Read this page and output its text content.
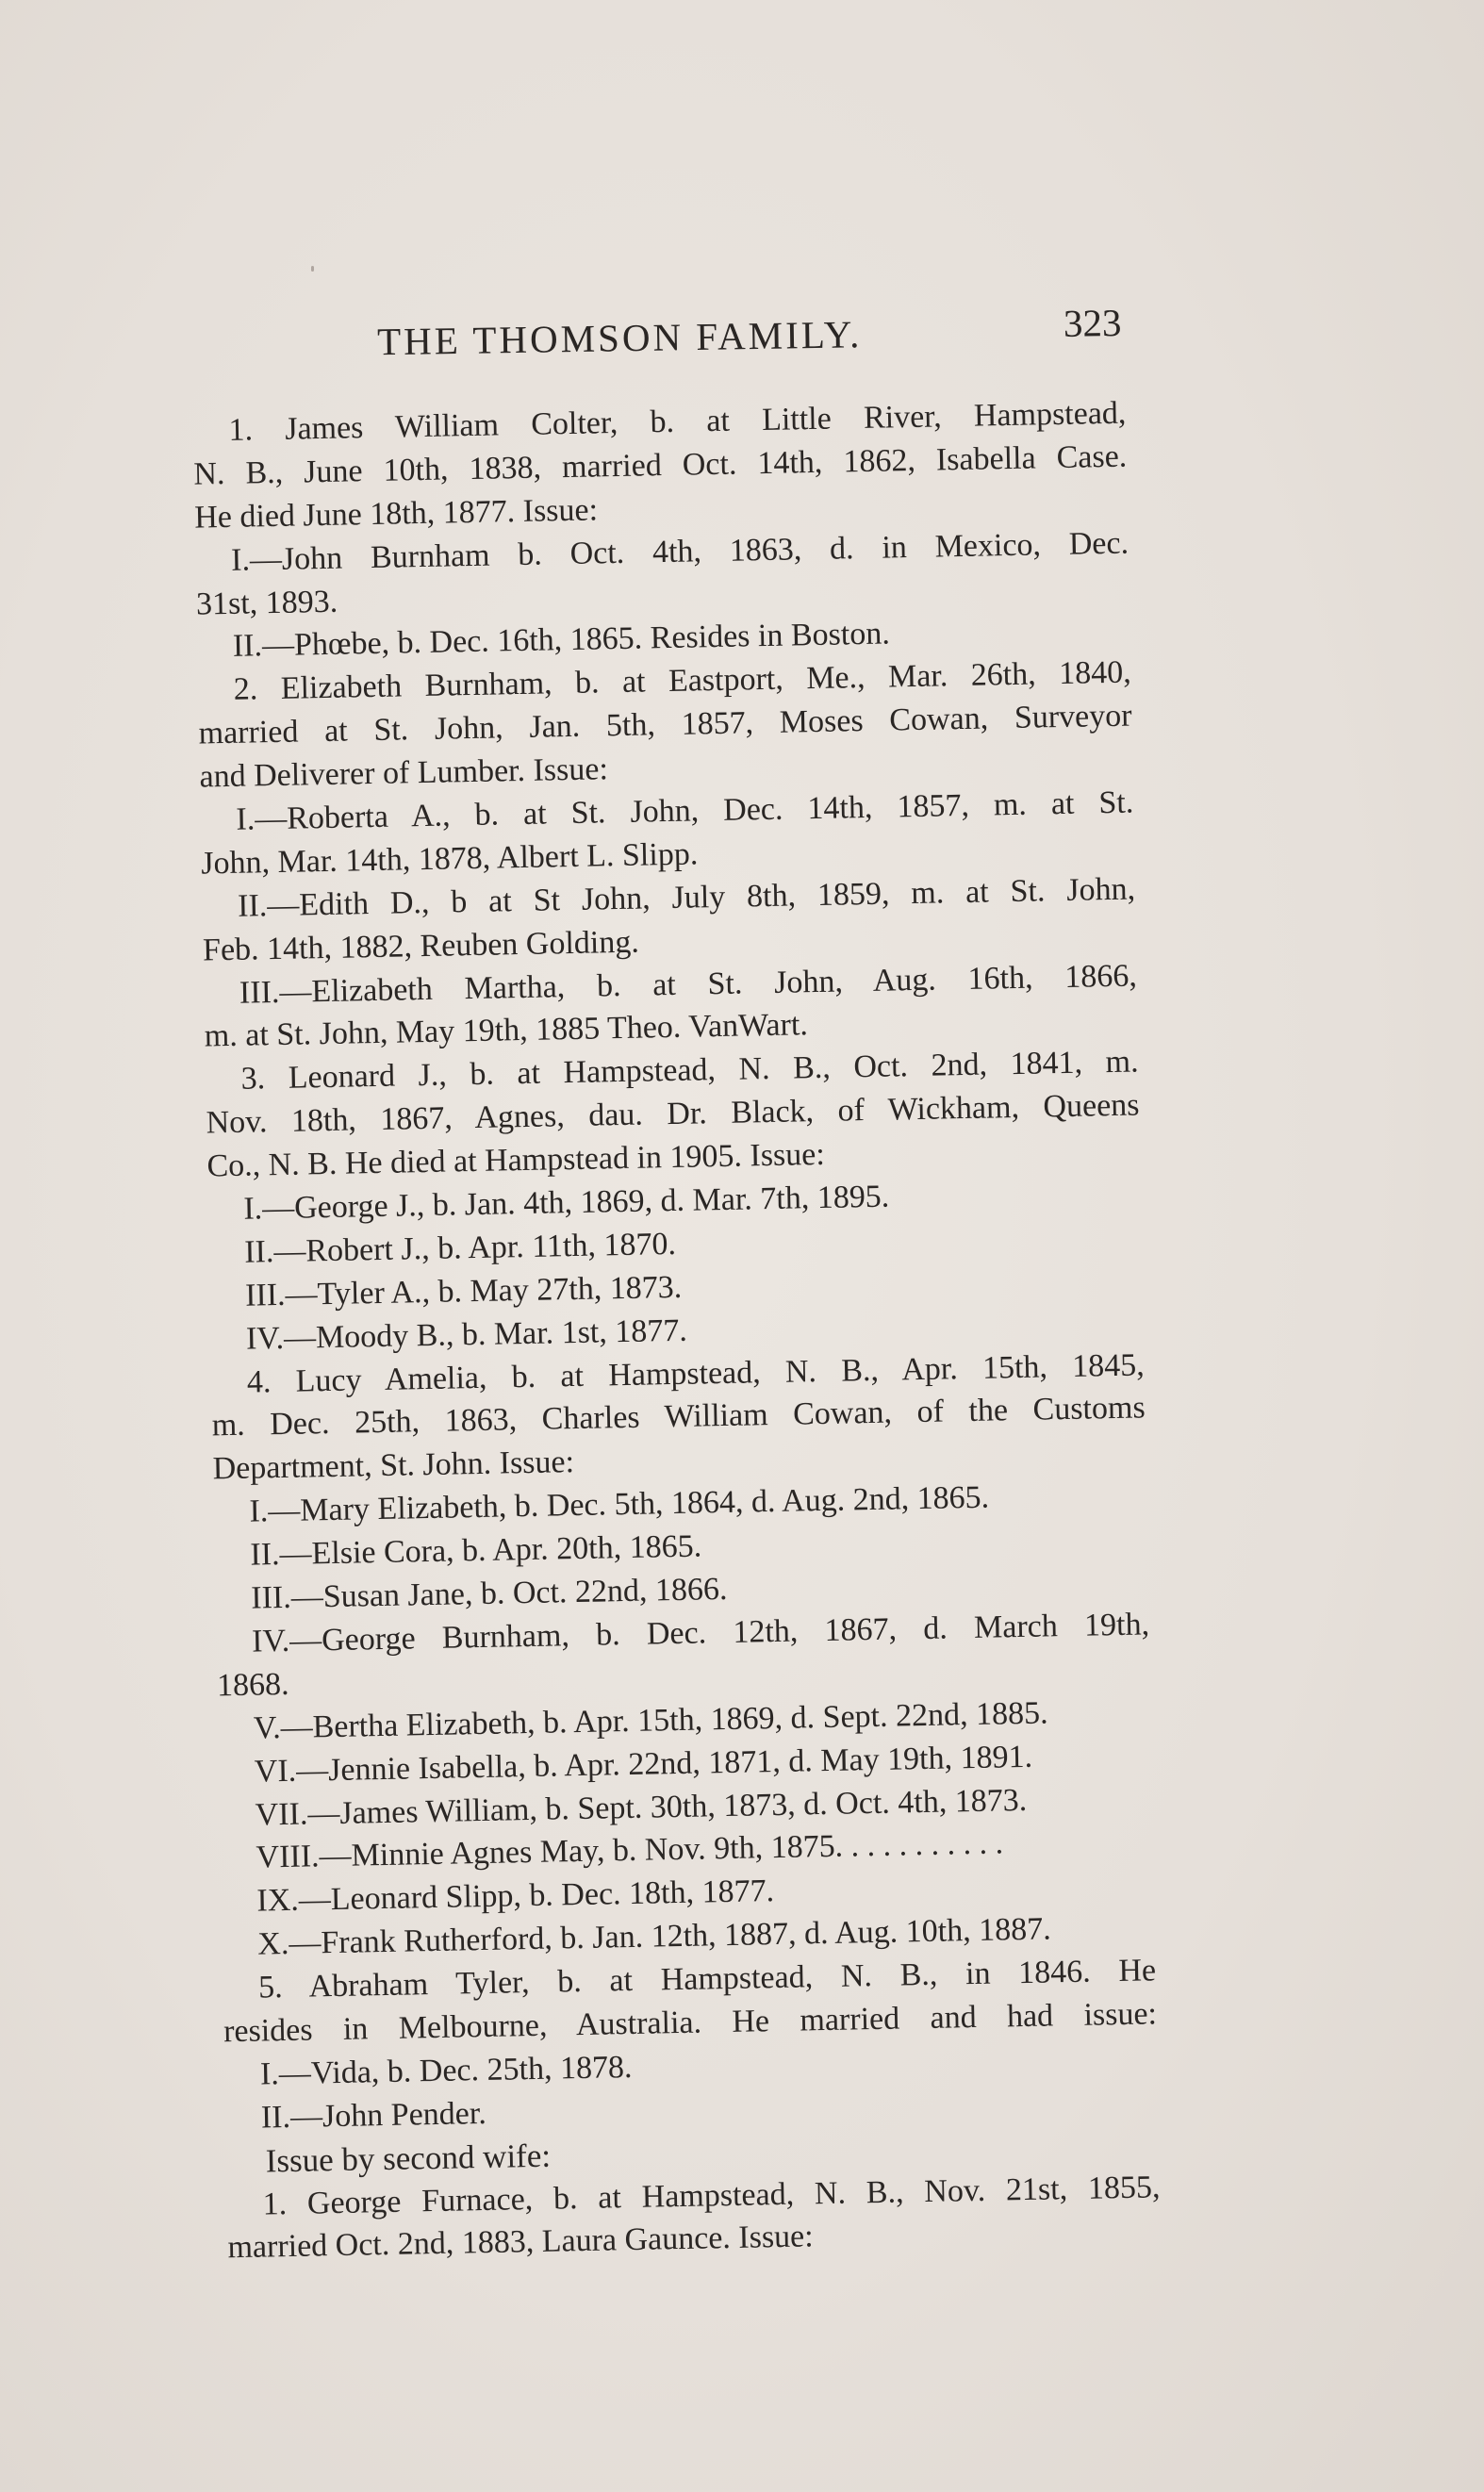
THE THOMSON FAMILY.	323
1. James William Colter, b. at Little River, Hampstead,
N. B., June 10th, 1838, married Oct. 14th, 1862, Isabella Case.
He died June 18th, 1877. Issue:
I.—John Burnham b. Oct. 4th, 1863, d. in Mexico, Dec.
31st, 1893.
II.—Phœbe, b. Dec. 16th, 1865. Resides in Boston.
2. Elizabeth Burnham, b. at Eastport, Me., Mar. 26th, 1840,
married at St. John, Jan. 5th, 1857, Moses Cowan, Surveyor
and Deliverer of Lumber. Issue:
I.—Roberta A., b. at St. John, Dec. 14th, 1857, m. at St.
John, Mar. 14th, 1878, Albert L. Slipp.
II.—Edith D., b at St John, July 8th, 1859, m. at St. John,
Feb. 14th, 1882, Reuben Golding.
III.—Elizabeth Martha, b. at St. John, Aug. 16th, 1866,
m. at St. John, May 19th, 1885 Theo. VanWart.
3. Leonard J., b. at Hampstead, N. B., Oct. 2nd, 1841, m.
Nov. 18th, 1867, Agnes, dau. Dr. Black, of Wickham, Queens
Co., N. B. He died at Hampstead in 1905. Issue:
I.—George J., b. Jan. 4th, 1869, d. Mar. 7th, 1895.
II.—Robert J., b. Apr. 11th, 1870.
III.—Tyler A., b. May 27th, 1873.
IV.—Moody B., b. Mar. 1st, 1877.
4. Lucy Amelia, b. at Hampstead, N. B., Apr. 15th, 1845,
m. Dec. 25th, 1863, Charles William Cowan, of the Customs
Department, St. John. Issue:
I.—Mary Elizabeth, b. Dec. 5th, 1864, d. Aug. 2nd, 1865.
II.—Elsie Cora, b. Apr. 20th, 1865.
III.—Susan Jane, b. Oct. 22nd, 1866.
IV.—George Burnham, b. Dec. 12th, 1867, d. March 19th,
1868.
V.—Bertha Elizabeth, b. Apr. 15th, 1869, d. Sept. 22nd, 1885.
VI.—Jennie Isabella, b. Apr. 22nd, 1871, d. May 19th, 1891.
VII.—James William, b. Sept. 30th, 1873, d. Oct. 4th, 1873.
VIII.—Minnie Agnes May, b. Nov. 9th, 1875. . . . . . . . . . .
IX.—Leonard Slipp, b. Dec. 18th, 1877.
X.—Frank Rutherford, b. Jan. 12th, 1887, d. Aug. 10th, 1887.
5. Abraham Tyler, b. at Hampstead, N. B., in 1846. He
resides in Melbourne, Australia. He married and had issue:
I.—Vida, b. Dec. 25th, 1878.
II.—John Pender.
Issue by second wife:
1. George Furnace, b. at Hampstead, N. B., Nov. 21st, 1855,
married Oct. 2nd, 1883, Laura Gaunce. Issue:
